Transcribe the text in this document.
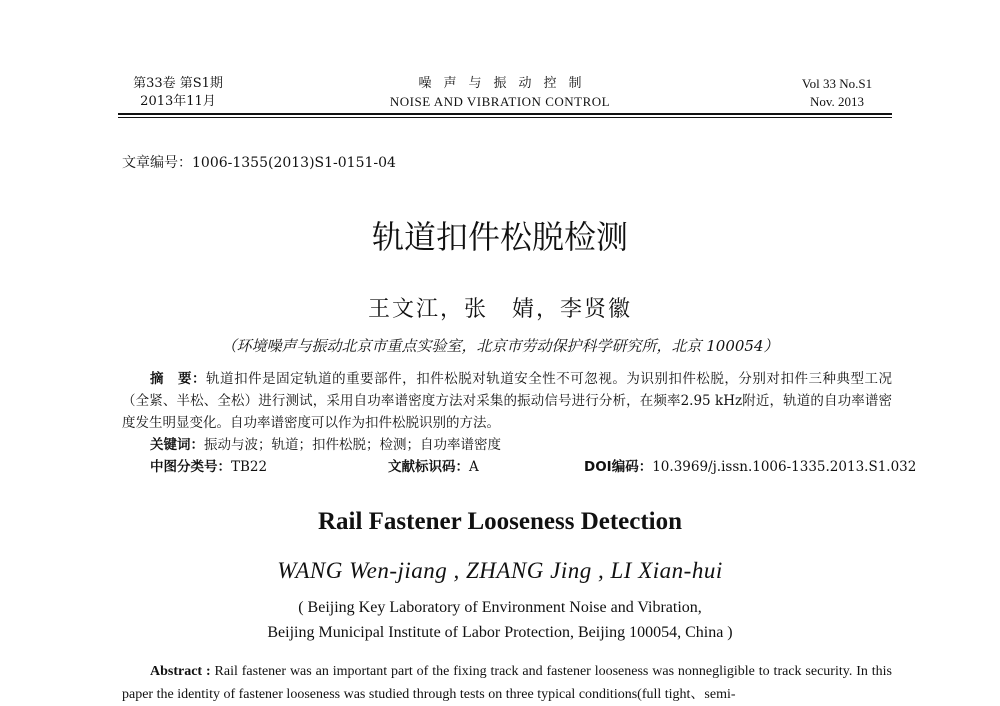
第33卷 第S1期
2013年11月
噪声与振动控制
NOISE AND VIBRATION CONTROL
Vol 33 No.S1
Nov. 2013
文章编号：1006-1355(2013)S1-0151-04
轨道扣件松脱检测
王文江，张　婧，李贤徽
（环境噪声与振动北京市重点实验室，北京市劳动保护科学研究所，北京 100054）
摘　要：轨道扣件是固定轨道的重要部件，扣件松脱对轨道安全性不可忽视。为识别扣件松脱，分别对扣件三种典型工况（全紧、半松、全松）进行测试，采用自功率谱密度方法对采集的振动信号进行分析，在频率2.95 kHz附近，轨道的自功率谱密度发生明显变化。自功率谱密度可以作为扣件松脱识别的方法。
关键词：振动与波；轨道；扣件松脱；检测；自功率谱密度
中图分类号：TB22	文献标识码：A	DOI编码：10.3969/j.issn.1006-1335.2013.S1.032
Rail Fastener Looseness Detection
WANG Wen-jiang , ZHANG Jing , LI Xian-hui
( Beijing Key Laboratory of Environment Noise and Vibration,
Beijing Municipal Institute of Labor Protection, Beijing 100054, China )
Abstract : Rail fastener was an important part of the fixing track and fastener looseness was nonnegligible to track security. In this paper the identity of fastener looseness was studied through tests on three typical conditions(full tight、semi-
